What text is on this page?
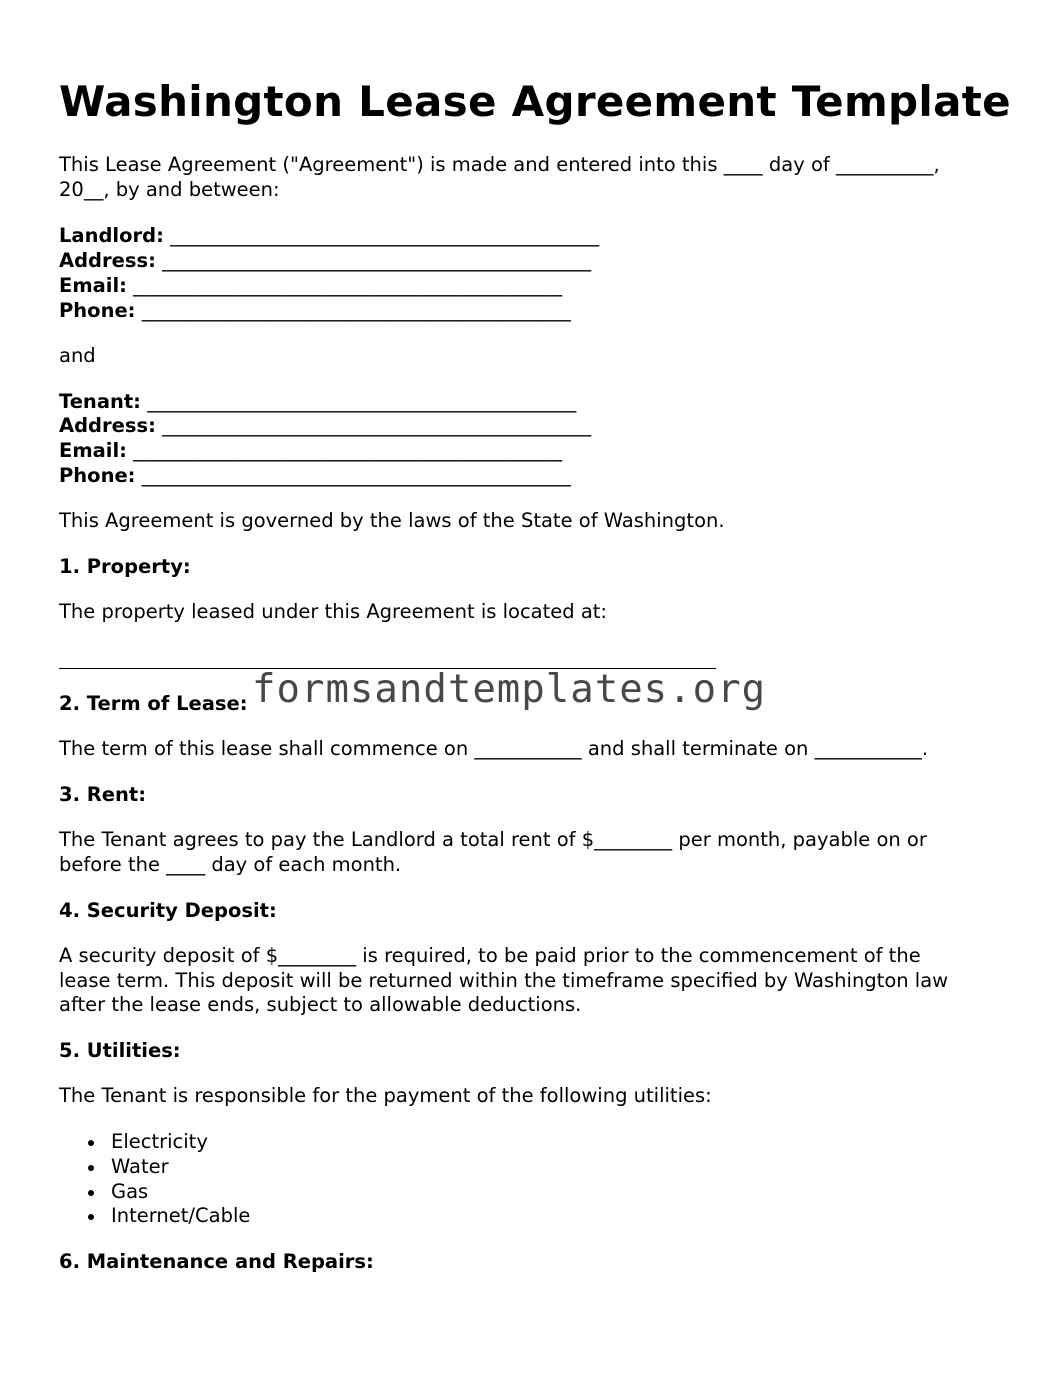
Washington Lease Agreement Template
This Lease Agreement ("Agreement") is made and entered into this ____ day of __________,
20__, by and between:
Landlord: ____________________________________________
Address: ____________________________________________
Email: ____________________________________________
Phone: ____________________________________________
and
Tenant: ____________________________________________
Address: ____________________________________________
Email: ____________________________________________
Phone: ____________________________________________
This Agreement is governed by the laws of the State of Washington.
1. Property:
The property leased under this Agreement is located at:
2. Term of Lease:
The term of this lease shall commence on ___________ and shall terminate on ___________.
3. Rent:
The Tenant agrees to pay the Landlord a total rent of $________ per month, payable on or
before the ____ day of each month.
4. Security Deposit:
A security deposit of $________ is required, to be paid prior to the commencement of the
lease term. This deposit will be returned within the timeframe specified by Washington law
after the lease ends, subject to allowable deductions.
5. Utilities:
The Tenant is responsible for the payment of the following utilities:
Electricity
Water
Gas
Internet/Cable
6. Maintenance and Repairs:
formsandtemplates.org
